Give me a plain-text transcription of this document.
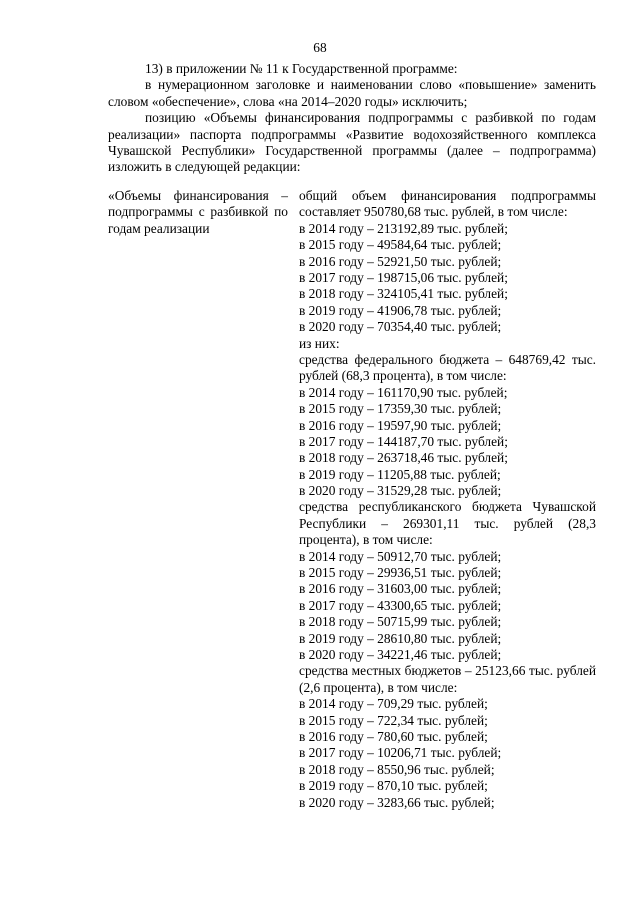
68

13) в приложении № 11 к Государственной программе:

в нумерационном заголовке и наименовании слово «повышение» заменить словом «обеспечение», слова «на 2014–2020 годы» исключить;

позицию «Объемы финансирования подпрограммы с разбивкой по годам реализации» паспорта подпрограммы «Развитие водохозяйственного комплекса Чувашской Республики» Государственной программы (далее – подпрограмма) изложить в следующей редакции:

«Объемы финансирования – подпрограммы с разбивкой по годам реализации
общий объем финансирования подпрограммы составляет 950780,68 тыс. рублей, в том числе:
в 2014 году – 213192,89 тыс. рублей;
в 2015 году – 49584,64 тыс. рублей;
в 2016 году – 52921,50 тыс. рублей;
в 2017 году – 198715,06 тыс. рублей;
в 2018 году – 324105,41 тыс. рублей;
в 2019 году – 41906,78 тыс. рублей;
в 2020 году – 70354,40 тыс. рублей;
из них:
средства федерального бюджета – 648769,42 тыс. рублей (68,3 процента), в том числе:
в 2014 году – 161170,90 тыс. рублей;
в 2015 году – 17359,30 тыс. рублей;
в 2016 году – 19597,90 тыс. рублей;
в 2017 году – 144187,70 тыс. рублей;
в 2018 году – 263718,46 тыс. рублей;
в 2019 году – 11205,88 тыс. рублей;
в 2020 году – 31529,28 тыс. рублей;
средства республиканского бюджета Чувашской Республики – 269301,11 тыс. рублей (28,3 процента), в том числе:
в 2014 году – 50912,70 тыс. рублей;
в 2015 году – 29936,51 тыс. рублей;
в 2016 году – 31603,00 тыс. рублей;
в 2017 году – 43300,65 тыс. рублей;
в 2018 году – 50715,99 тыс. рублей;
в 2019 году – 28610,80 тыс. рублей;
в 2020 году – 34221,46 тыс. рублей;
средства местных бюджетов – 25123,66 тыс. рублей (2,6 процента), в том числе:
в 2014 году – 709,29 тыс. рублей;
в 2015 году – 722,34 тыс. рублей;
в 2016 году – 780,60 тыс. рублей;
в 2017 году – 10206,71 тыс. рублей;
в 2018 году – 8550,96 тыс. рублей;
в 2019 году – 870,10 тыс. рублей;
в 2020 году – 3283,66 тыс. рублей;
